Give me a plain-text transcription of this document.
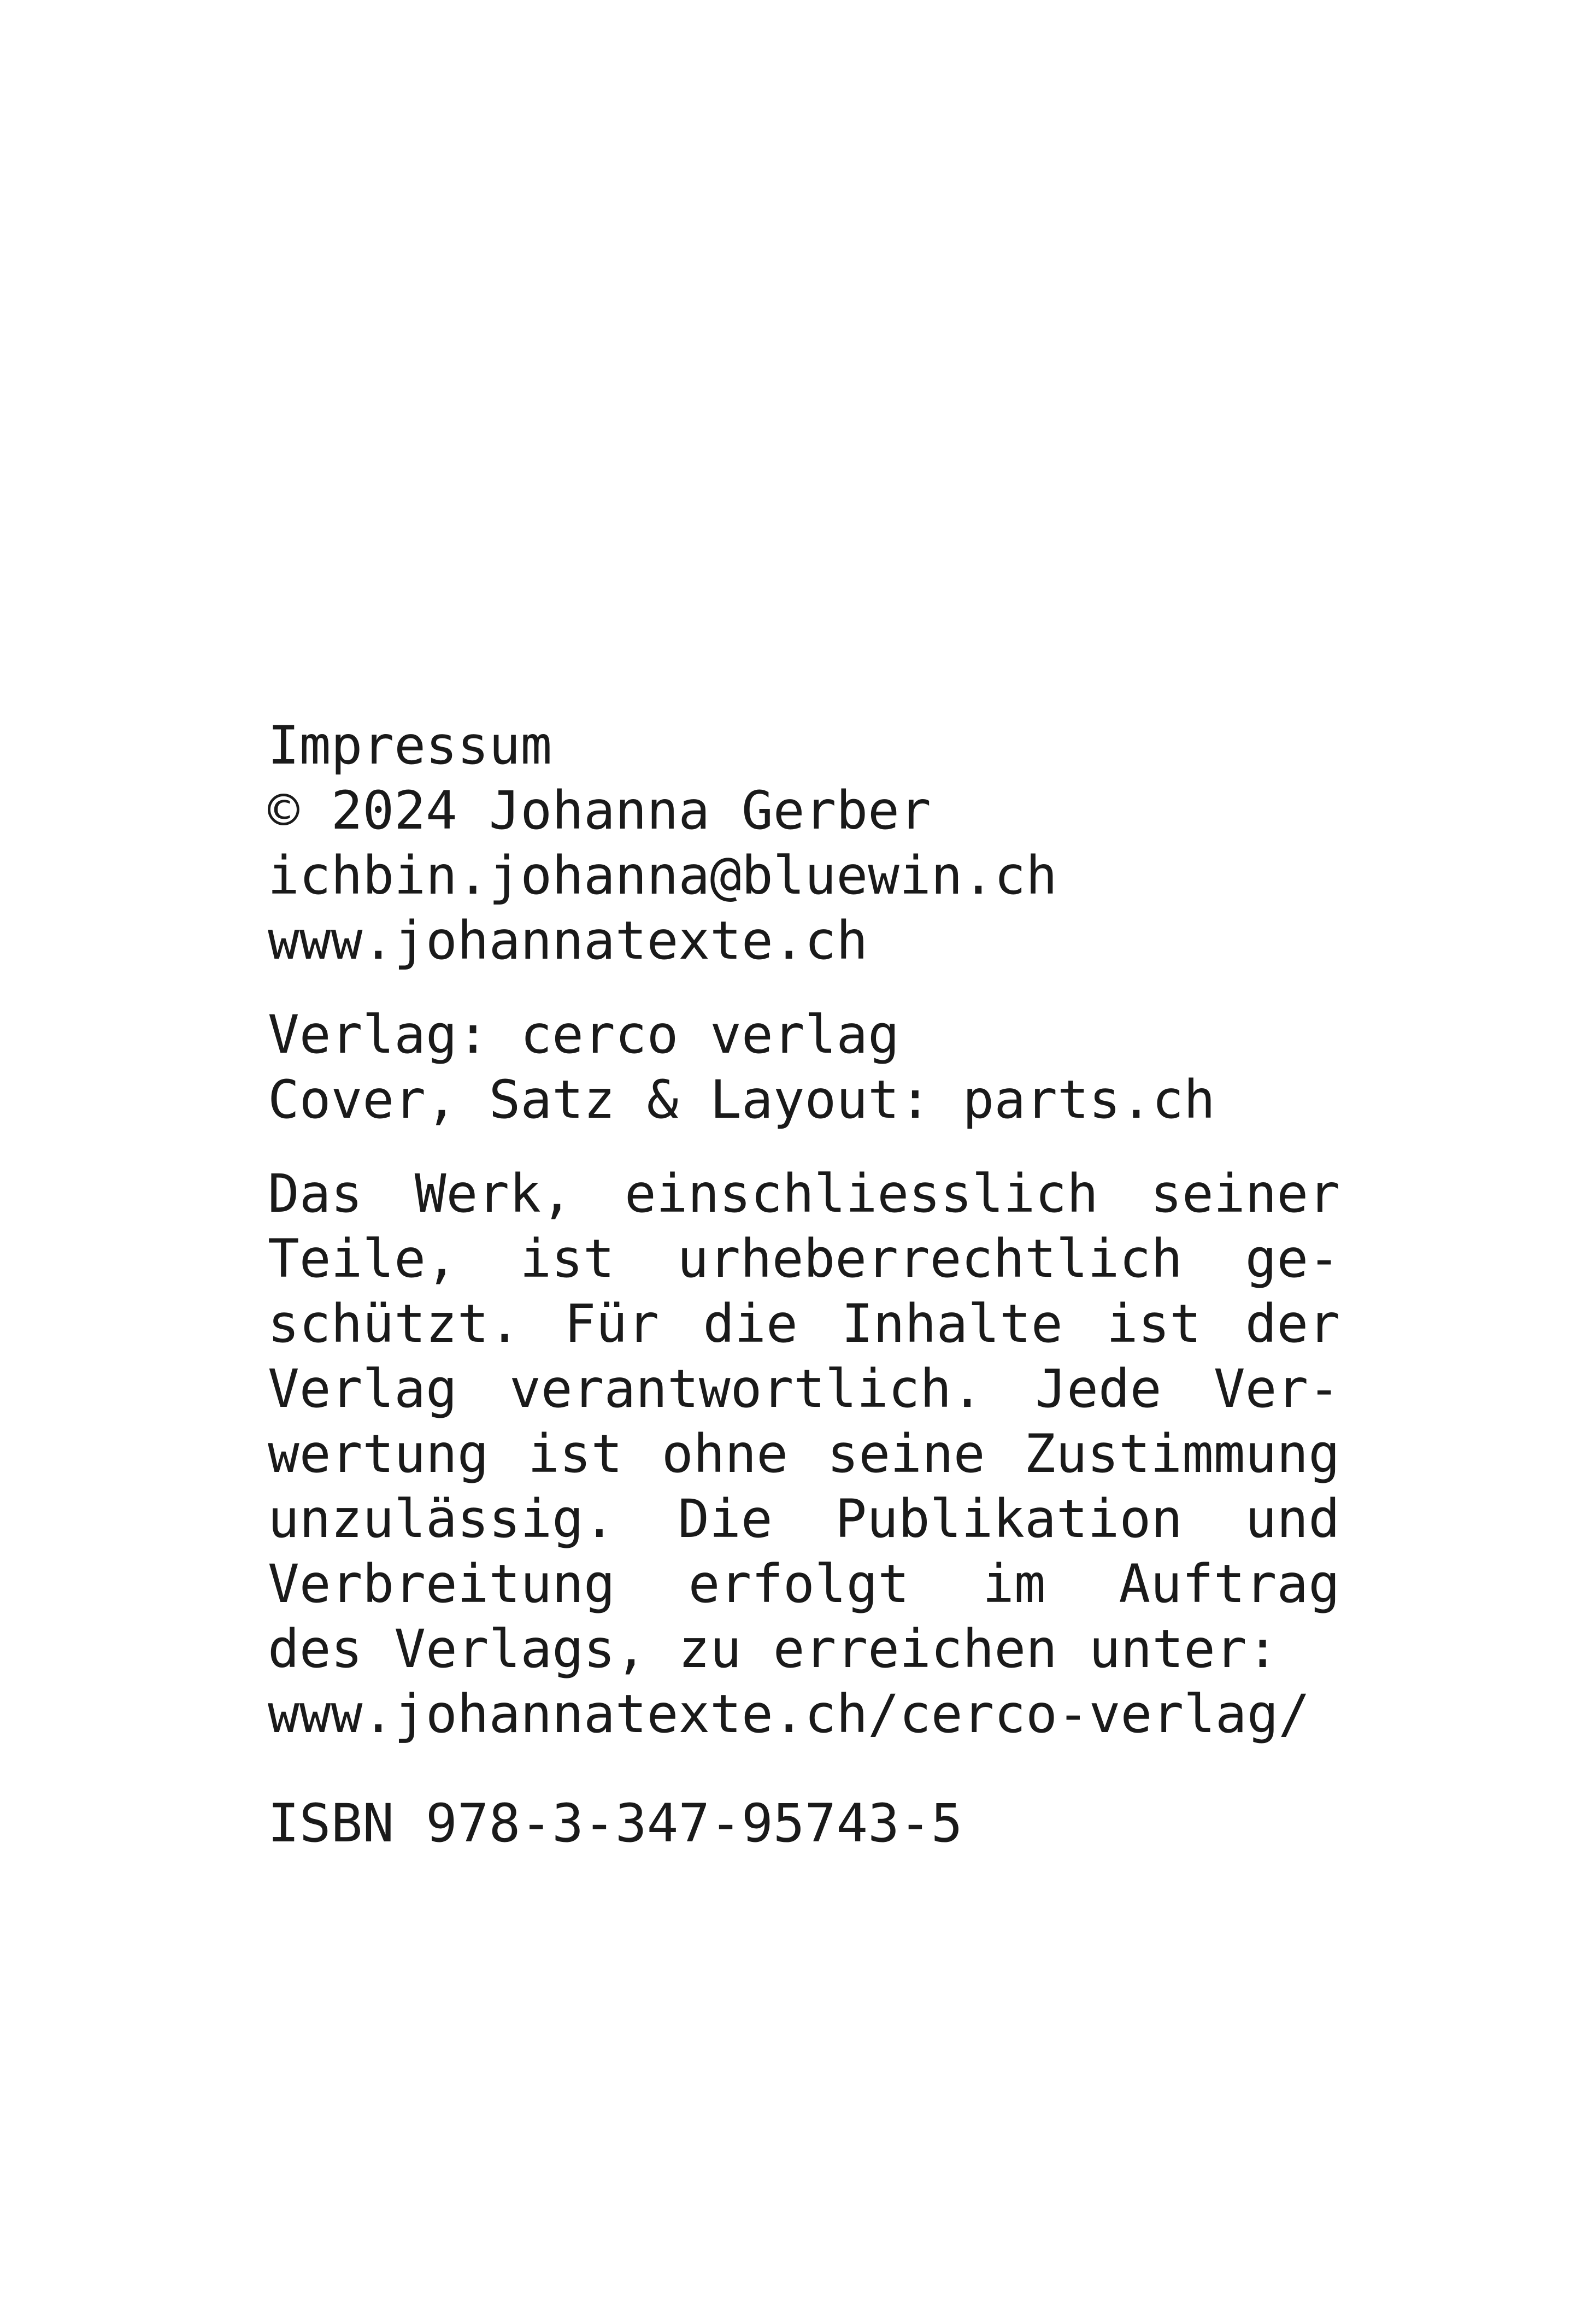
Impressum
© 2024 Johanna Gerber
ichbin.johanna@bluewin.ch
www.johannatexte.ch
Verlag: cerco verlag
Cover, Satz & Layout: parts.ch
Das Werk, einschliesslich seiner
Teile, ist urheberrechtlich ge-
schützt. Für die Inhalte ist der
Verlag verantwortlich. Jede Ver-
wertung ist ohne seine Zustimmung
unzulässig. Die Publikation und
Verbreitung erfolgt im Auftrag
des Verlags, zu erreichen unter:
www.johannatexte.ch/cerco-verlag/
ISBN 978-3-347-95743-5
